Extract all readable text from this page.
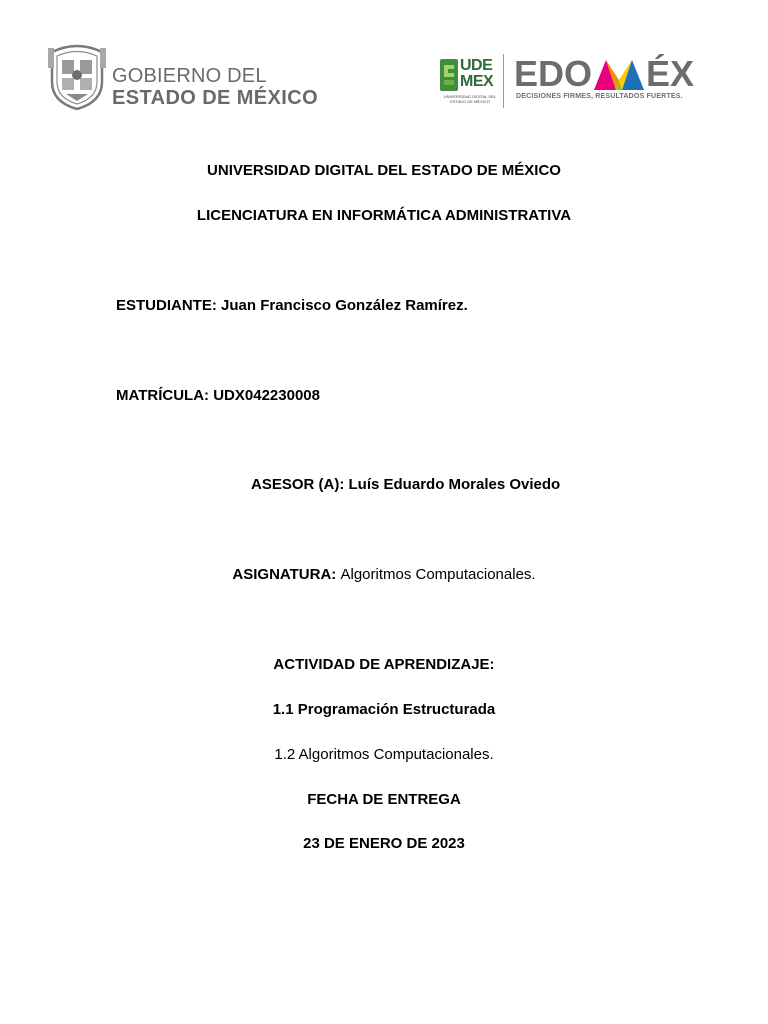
GOBIERNO DEL
ESTADO DE MÉXICO
UDE
MEX
UNIVERSIDAD DIGITAL DEL ESTADO DE MÉXICO
EDO ÉX
DECISIONES FIRMES, RESULTADOS FUERTES.
UNIVERSIDAD DIGITAL DEL ESTADO DE MÉXICO
LICENCIATURA EN INFORMÁTICA ADMINISTRATIVA
ESTUDIANTE: Juan Francisco González Ramírez.
MATRÍCULA: UDX042230008
ASESOR (A): Luís Eduardo Morales Oviedo
ASIGNATURA: Algoritmos Computacionales.
ACTIVIDAD DE APRENDIZAJE:
1.1 Programación Estructurada
1.2 Algoritmos Computacionales.
FECHA DE ENTREGA
23 DE ENERO DE 2023
